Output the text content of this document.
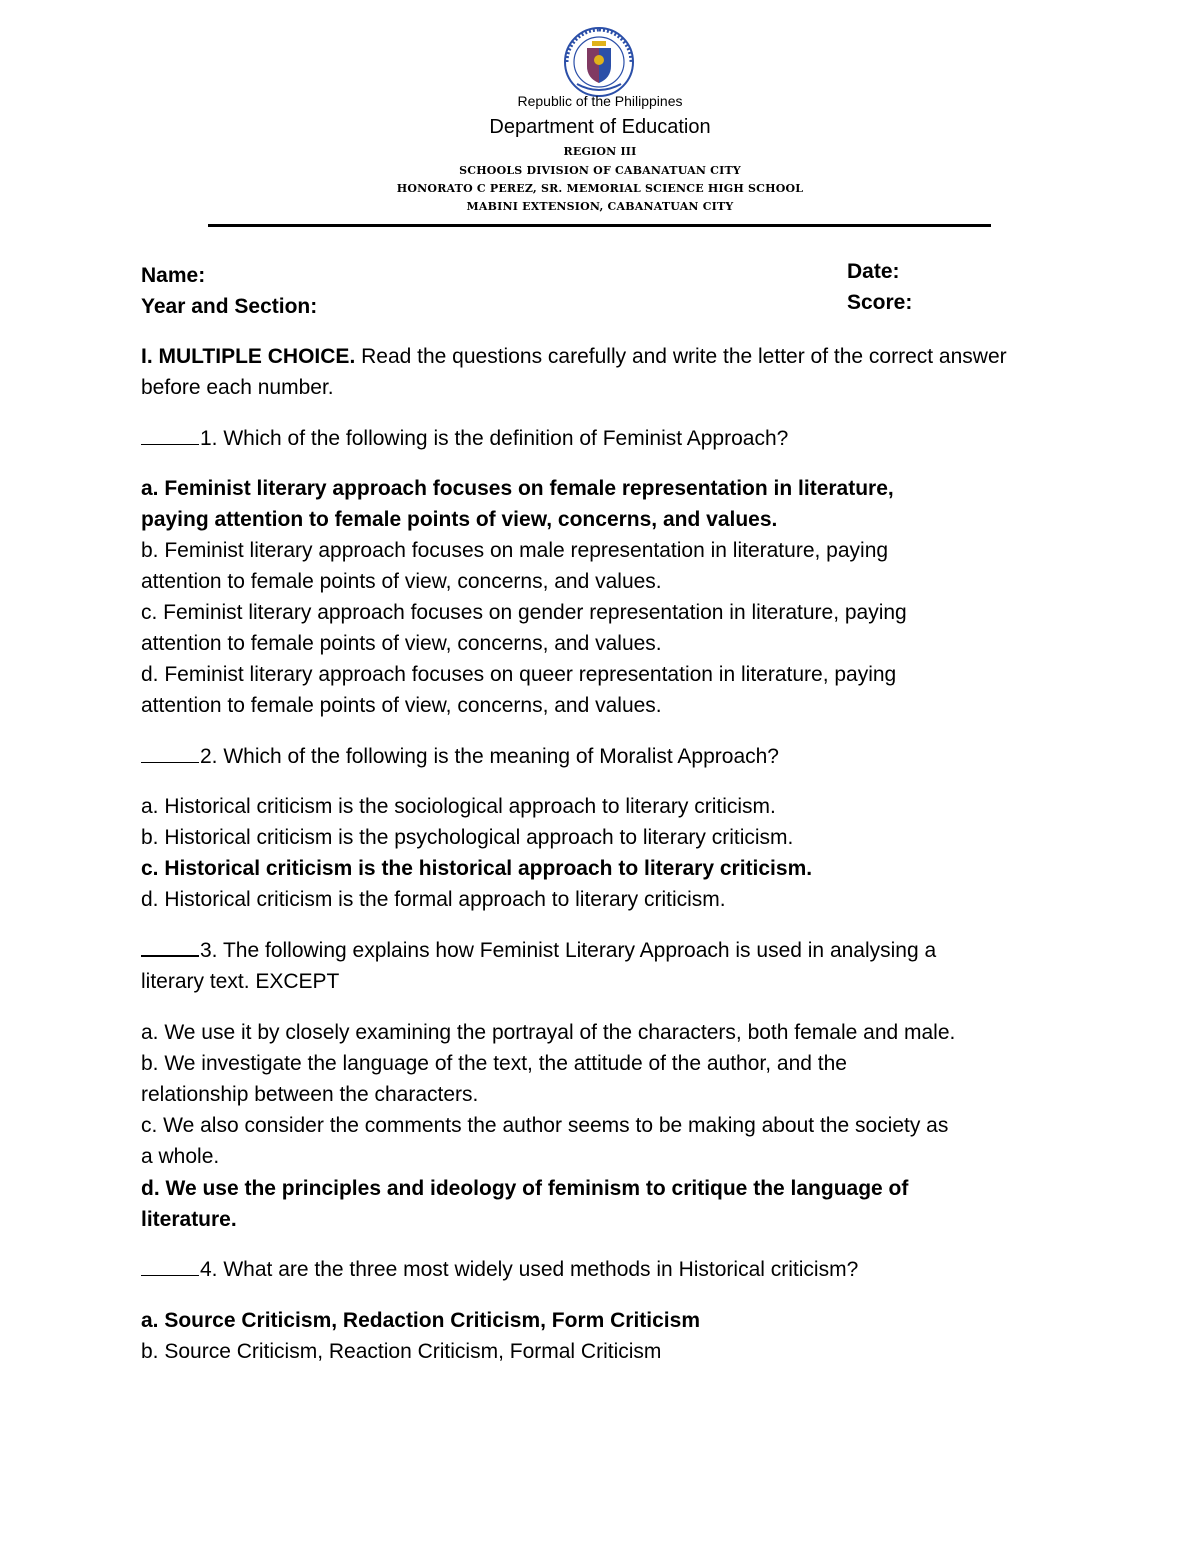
Republic of the Philippines
Department of Education
REGION III
SCHOOLS DIVISION OF CABANATUAN CITY
HONORATO C PEREZ, SR. MEMORIAL SCIENCE HIGH SCHOOL
MABINI EXTENSION, CABANATUAN CITY
Name:	Date:
Year and Section:	Score:
I. MULTIPLE CHOICE. Read the questions carefully and write the letter of the correct answer before each number.
1. Which of the following is the definition of Feminist Approach?
a. Feminist literary approach focuses on female representation in literature,
paying attention to female points of view, concerns, and values.
b. Feminist literary approach focuses on male representation in literature, paying
attention to female points of view, concerns, and values.
c. Feminist literary approach focuses on gender representation in literature, paying
attention to female points of view, concerns, and values.
d. Feminist literary approach focuses on queer representation in literature, paying
attention to female points of view, concerns, and values.
2. Which of the following is the meaning of Moralist Approach?
a. Historical criticism is the sociological approach to literary criticism.
b. Historical criticism is the psychological approach to literary criticism.
c. Historical criticism is the historical approach to literary criticism.
d. Historical criticism is the formal approach to literary criticism.
3. The following explains how Feminist Literary Approach is used in analysing a
literary text. EXCEPT
a. We use it by closely examining the portrayal of the characters, both female and male.
b. We investigate the language of the text, the attitude of the author, and the
relationship between the characters.
c. We also consider the comments the author seems to be making about the society as
a whole.
d. We use the principles and ideology of feminism to critique the language of
literature.
4. What are the three most widely used methods in Historical criticism?
a. Source Criticism, Redaction Criticism, Form Criticism
b. Source Criticism, Reaction Criticism, Formal Criticism
